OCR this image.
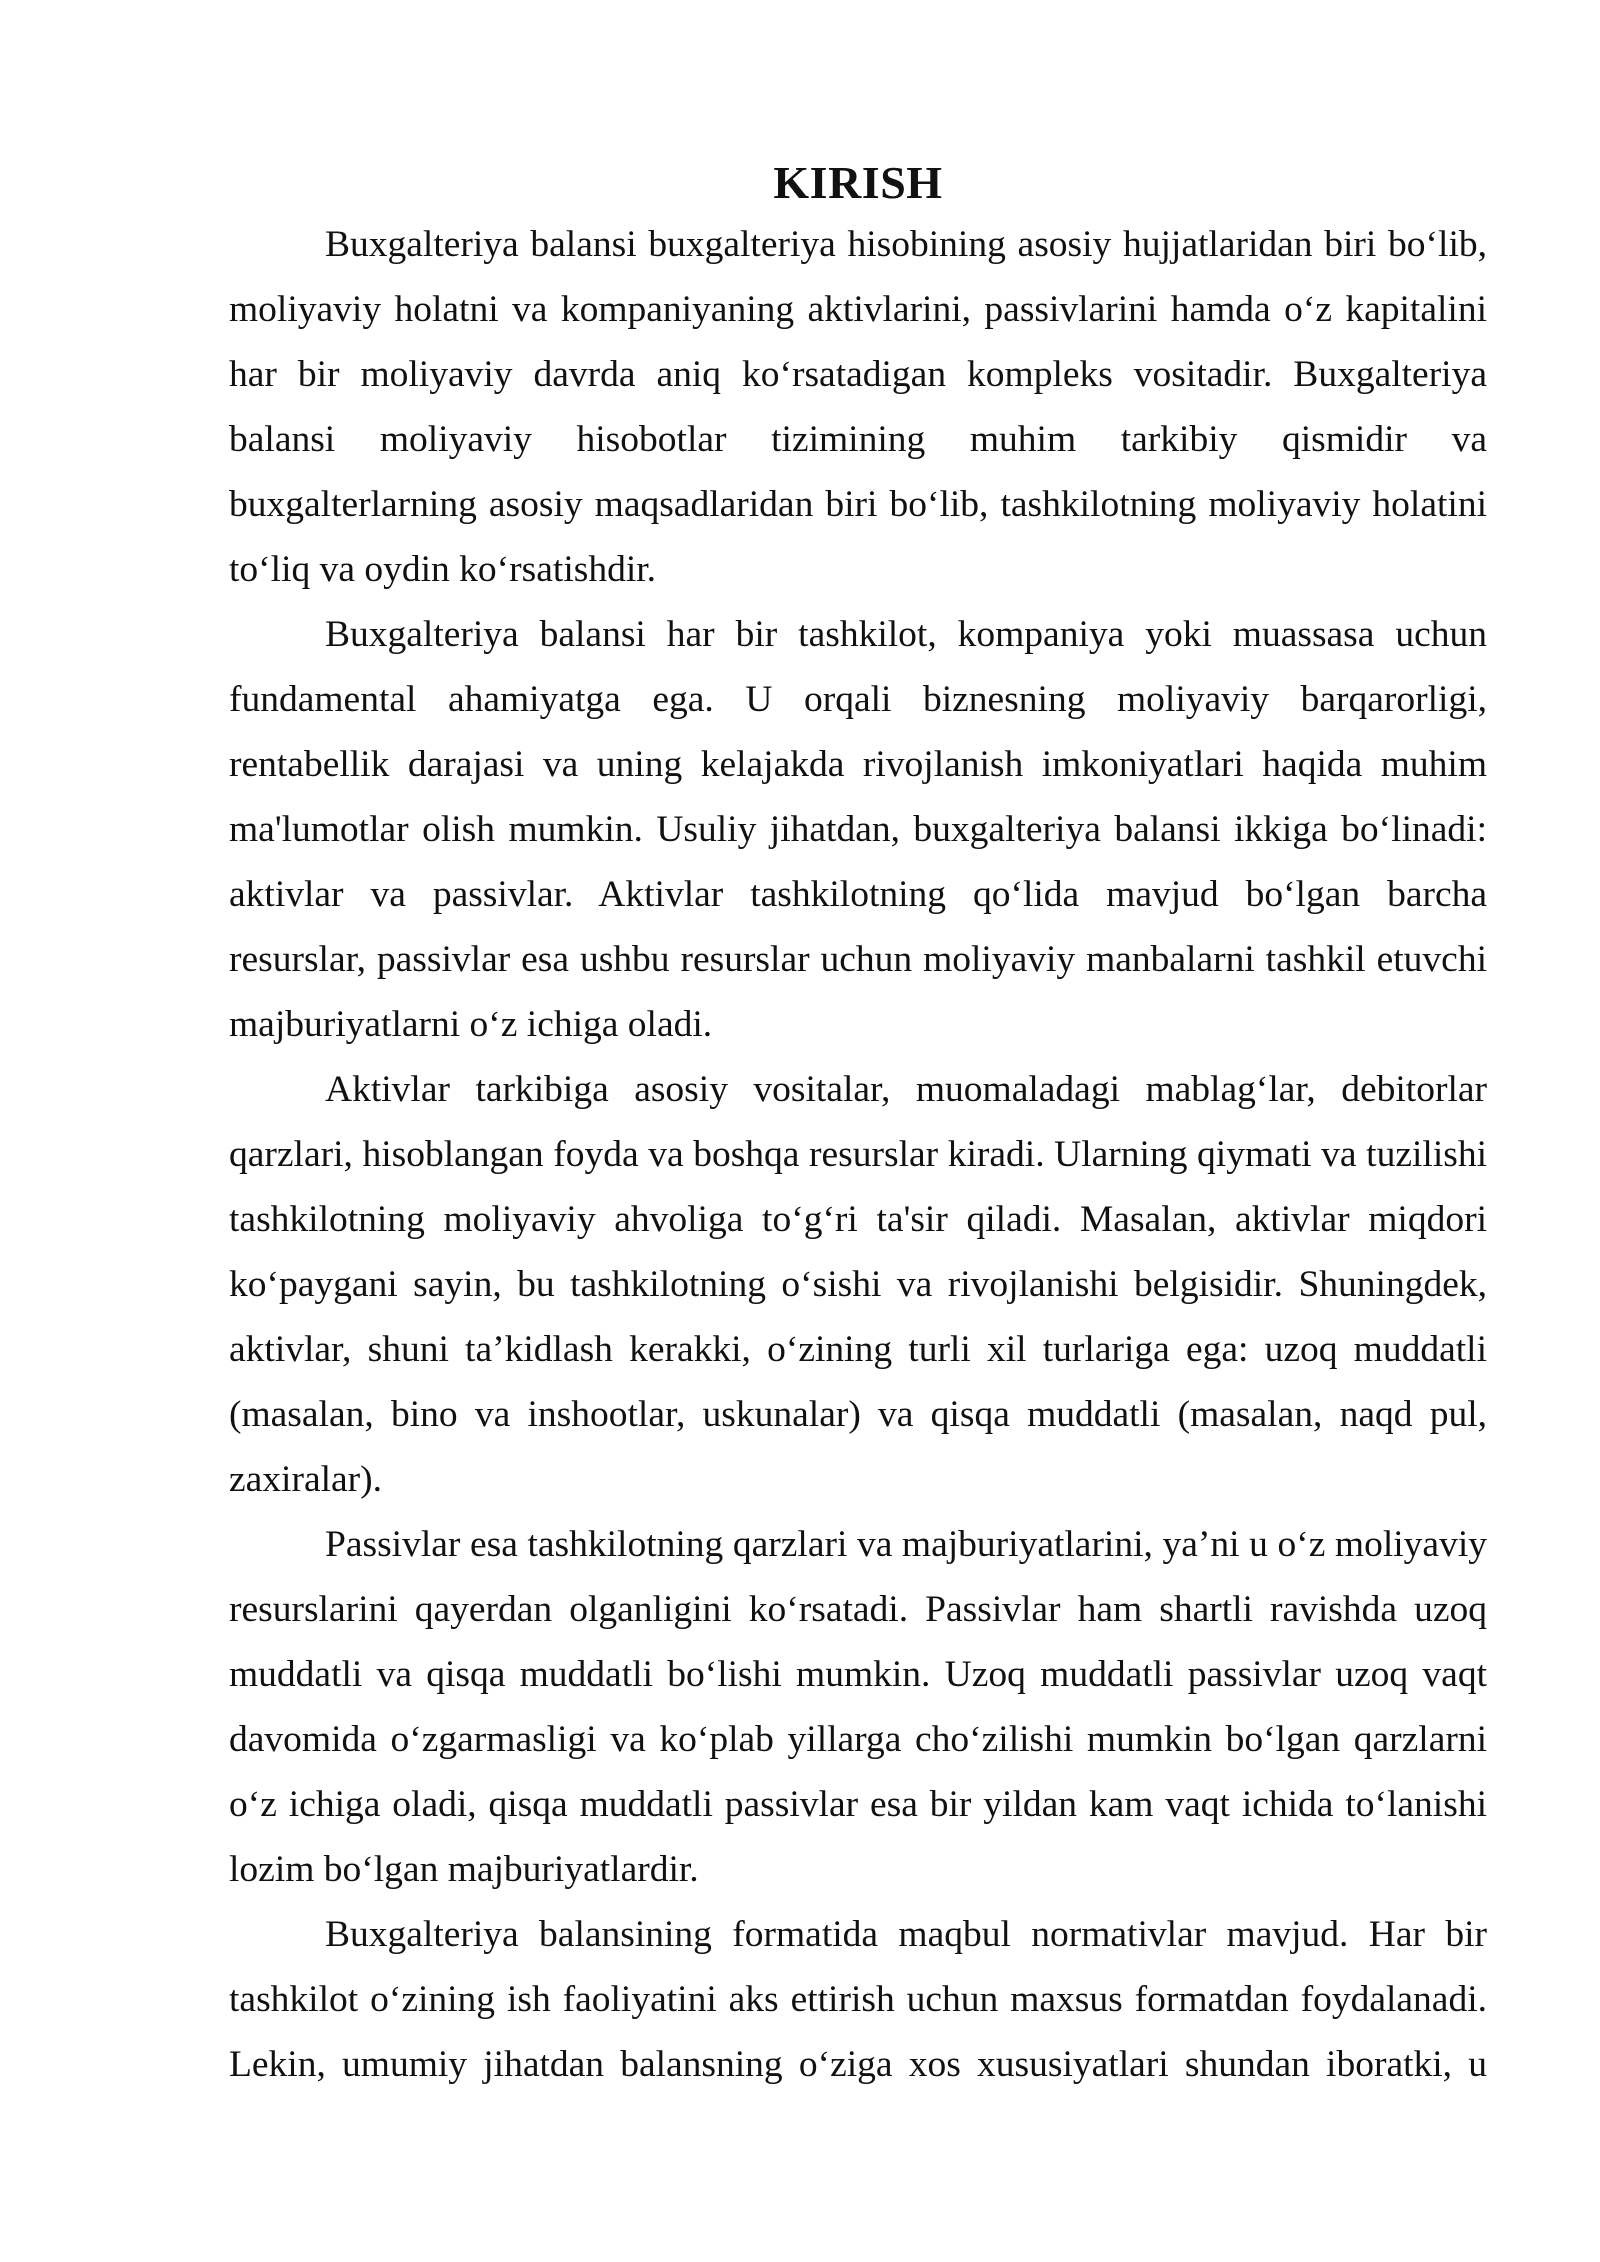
KIRISH

Buxgalteriya balansi buxgalteriya hisobining asosiy hujjatlaridan biri bo‘lib, moliyaviy holatni va kompaniyaning aktivlarini, passivlarini hamda o‘z kapitalini har bir moliyaviy davrda aniq ko‘rsatadigan kompleks vositadir. Buxgalteriya balansi moliyaviy hisobotlar tizimining muhim tarkibiy qismidir va buxgalterlarning asosiy maqsadlaridan biri bo‘lib, tashkilotning moliyaviy holatini to‘liq va oydin ko‘rsatishdir.

Buxgalteriya balansi har bir tashkilot, kompaniya yoki muassasa uchun fundamental ahamiyatga ega. U orqali biznesning moliyaviy barqarorligi, rentabellik darajasi va uning kelajakda rivojlanish imkoniyatlari haqida muhim ma'lumotlar olish mumkin. Usuliy jihatdan, buxgalteriya balansi ikkiga bo‘linadi: aktivlar va passivlar. Aktivlar tashkilotning qo‘lida mavjud bo‘lgan barcha resurslar, passivlar esa ushbu resurslar uchun moliyaviy manbalarni tashkil etuvchi majburiyatlarni o‘z ichiga oladi.

Aktivlar tarkibiga asosiy vositalar, muomaladagi mablag‘lar, debitorlar qarzlari, hisoblangan foyda va boshqa resurslar kiradi. Ularning qiymati va tuzilishi tashkilotning moliyaviy ahvoliga to‘g‘ri ta'sir qiladi. Masalan, aktivlar miqdori ko‘paygani sayin, bu tashkilotning o‘sishi va rivojlanishi belgisidir. Shuningdek, aktivlar, shuni ta’kidlash kerakki, o‘zining turli xil turlariga ega: uzoq muddatli (masalan, bino va inshootlar, uskunalar) va qisqa muddatli (masalan, naqd pul, zaxiralar).

Passivlar esa tashkilotning qarzlari va majburiyatlarini, ya’ni u o‘z moliyaviy resurslarini qayerdan olganligini ko‘rsatadi. Passivlar ham shartli ravishda uzoq muddatli va qisqa muddatli bo‘lishi mumkin. Uzoq muddatli passivlar uzoq vaqt davomida o‘zgarmasligi va ko‘plab yillarga cho‘zilishi mumkin bo‘lgan qarzlarni o‘z ichiga oladi, qisqa muddatli passivlar esa bir yildan kam vaqt ichida to‘lanishi lozim bo‘lgan majburiyatlardir.

Buxgalteriya balansining formatida maqbul normativlar mavjud. Har bir tashkilot o‘zining ish faoliyatini aks ettirish uchun maxsus formatdan foydalanadi. Lekin, umumiy jihatdan balansning o‘ziga xos xususiyatlari shundan iboratki, u
